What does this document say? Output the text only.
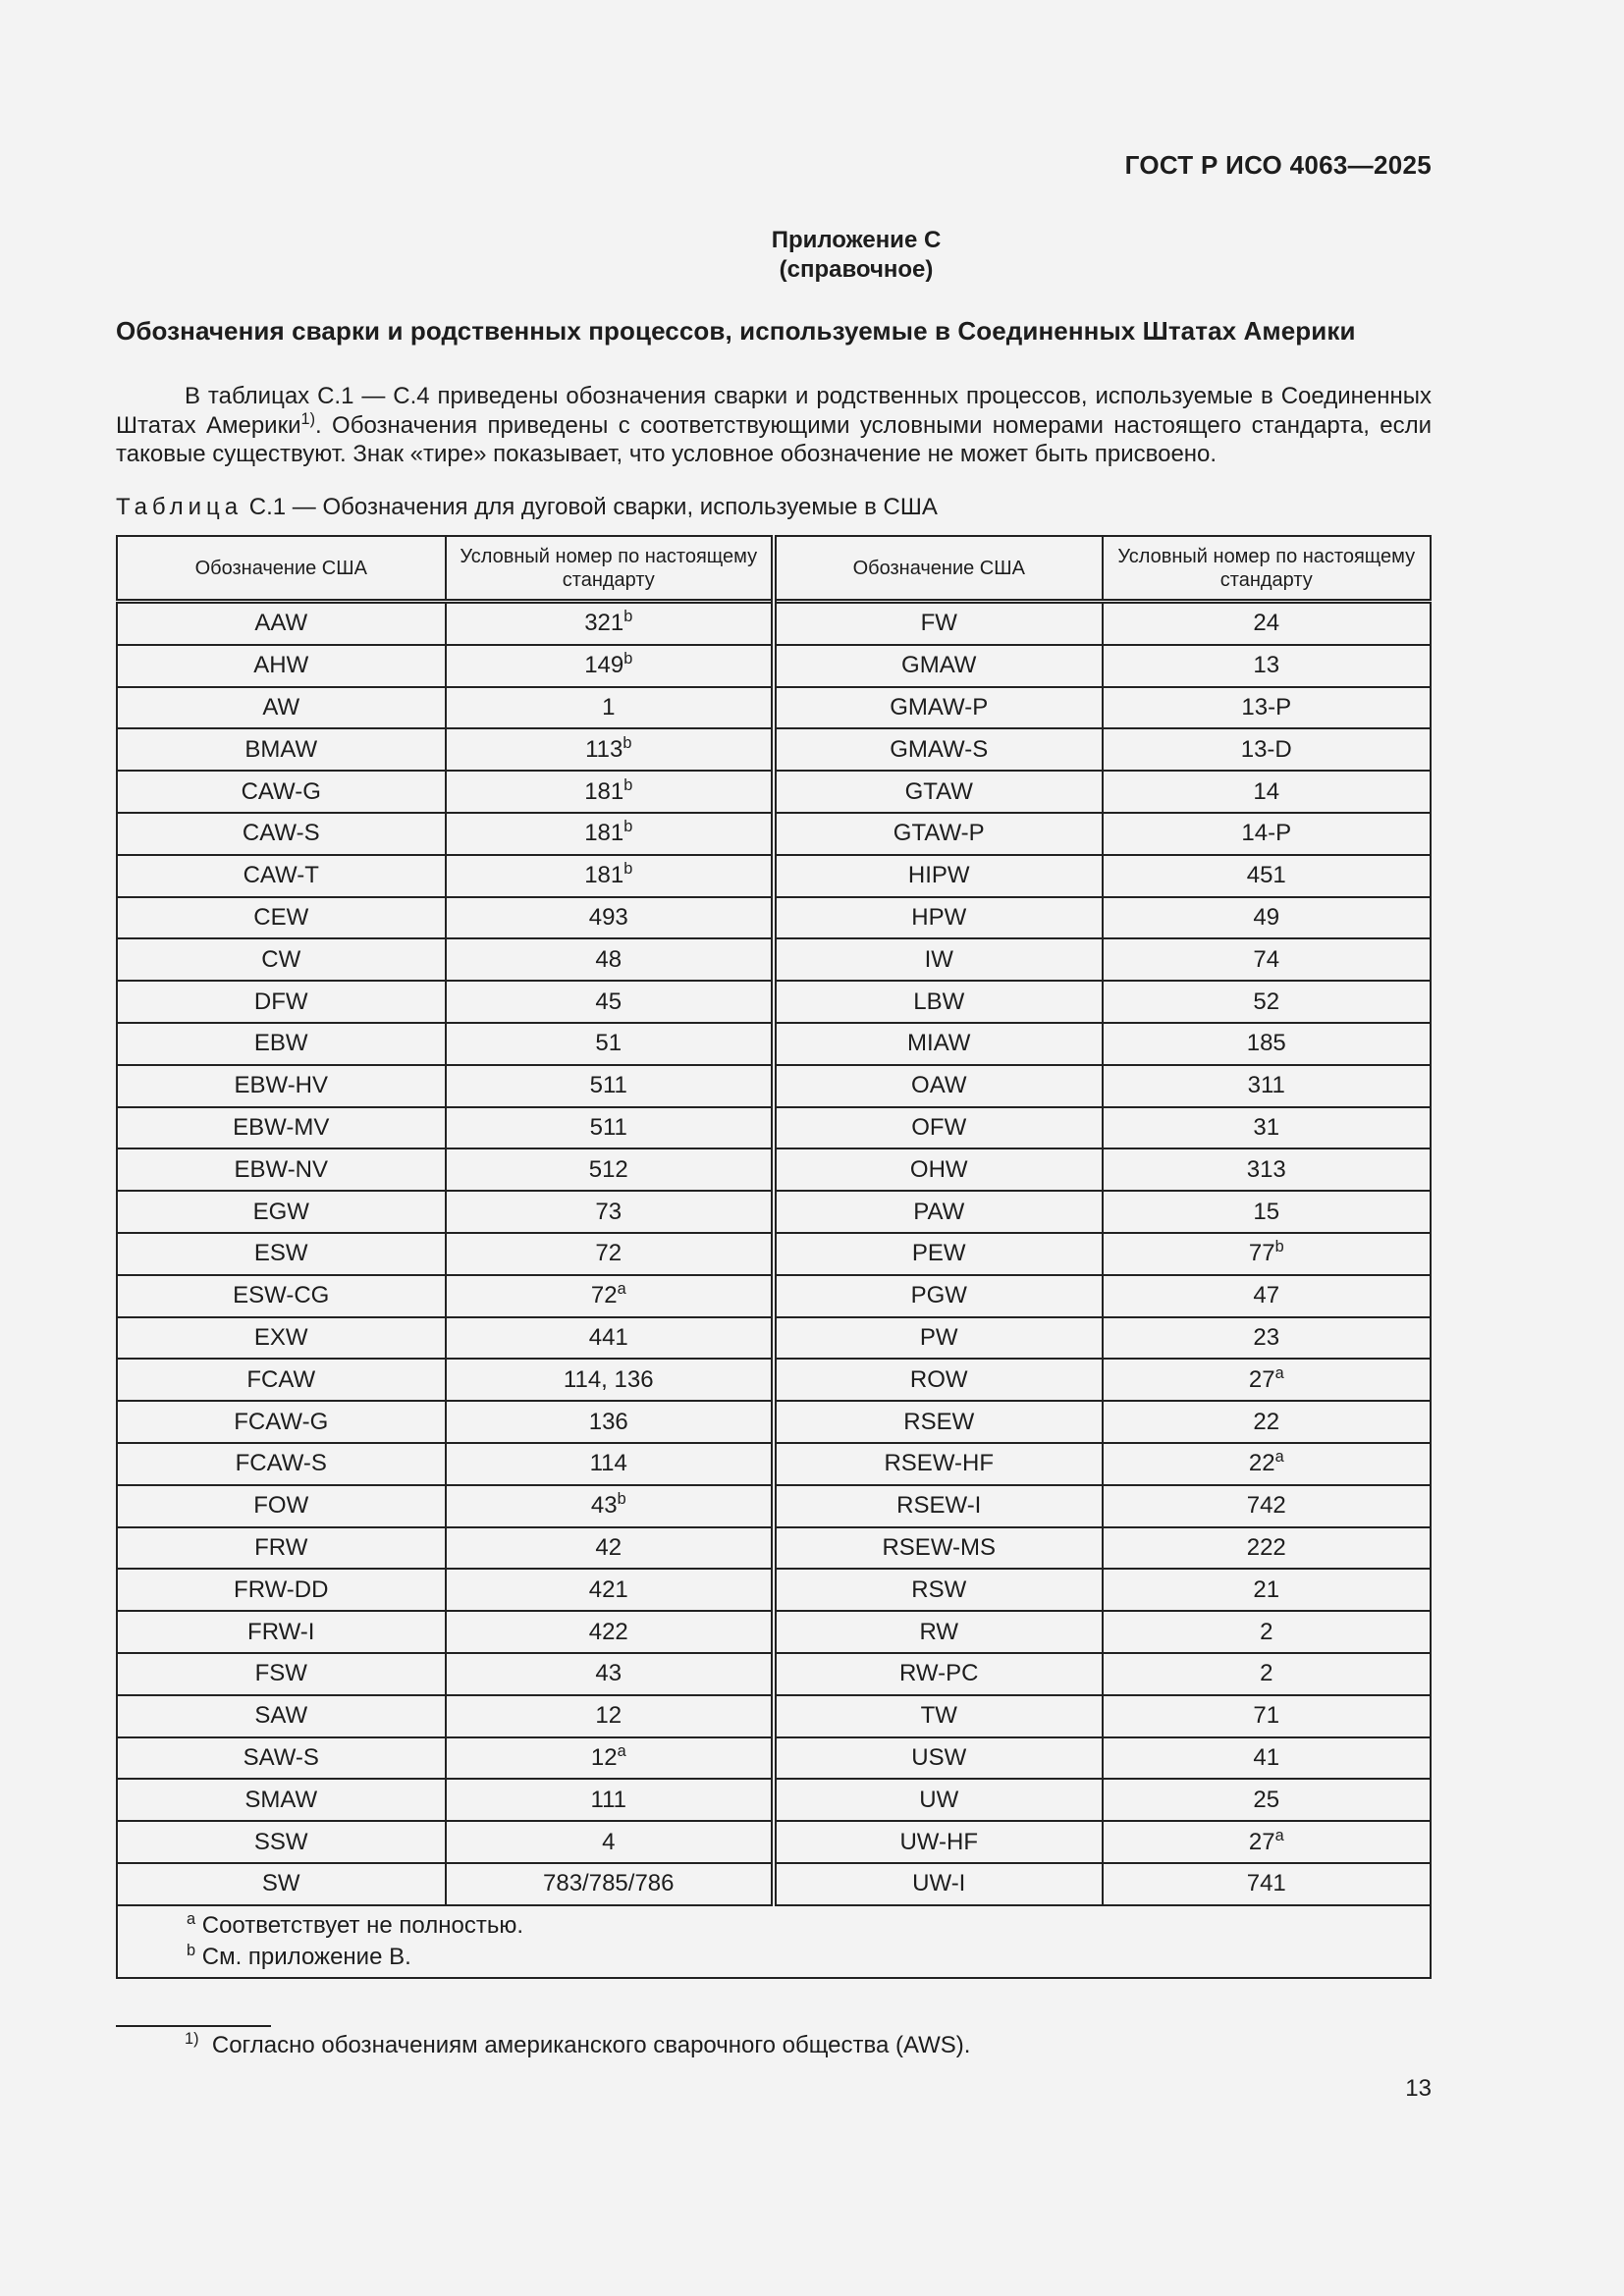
ГОСТ Р ИСО 4063—2025
Приложение С
(справочное)
Обозначения сварки и родственных процессов, используемые в Соединенных Штатах Америки
В таблицах С.1 — С.4 приведены обозначения сварки и родственных процессов, используемые в Соединенных Штатах Америки$^{1)}$. Обозначения приведены с соответствующими условными номерами настоящего стандарта, если таковые существуют. Знак «тире» показывает, что условное обозначение не может быть присвоено.
Таблица С.1 — Обозначения для дуговой сварки, используемые в США
Обозначение США	Условный номер по настоящему стандарту	Обозначение США	Условный номер по настоящему стандарту
AAW	321$^b$	FW	24
AHW	149$^b$	GMAW	13
AW	1	GMAW-P	13-P
BMAW	113$^b$	GMAW-S	13-D
CAW-G	181$^b$	GTAW	14
CAW-S	181$^b$	GTAW-P	14-P
CAW-T	181$^b$	HIPW	451
CEW	493	HPW	49
CW	48	IW	74
DFW	45	LBW	52
EBW	51	MIAW	185
EBW-HV	511	OAW	311
EBW-MV	511	OFW	31
EBW-NV	512	OHW	313
EGW	73	PAW	15
ESW	72	PEW	77$^b$
ESW-CG	72$^a$	PGW	47
EXW	441	PW	23
FCAW	114, 136	ROW	27$^a$
FCAW-G	136	RSEW	22
FCAW-S	114	RSEW-HF	22$^a$
FOW	43$^b$	RSEW-I	742
FRW	42	RSEW-MS	222
FRW-DD	421	RSW	21
FRW-I	422	RW	2
FSW	43	RW-PC	2
SAW	12	TW	71
SAW-S	12$^a$	USW	41
SMAW	111	UW	25
SSW	4	UW-HF	27$^a$
SW	783/785/786	UW-I	741

$^a$ Соответствует не полностью.
$^b$ См. приложение В.			
$^{1)}$ Согласно обозначениям американского сварочного общества (AWS).
13
